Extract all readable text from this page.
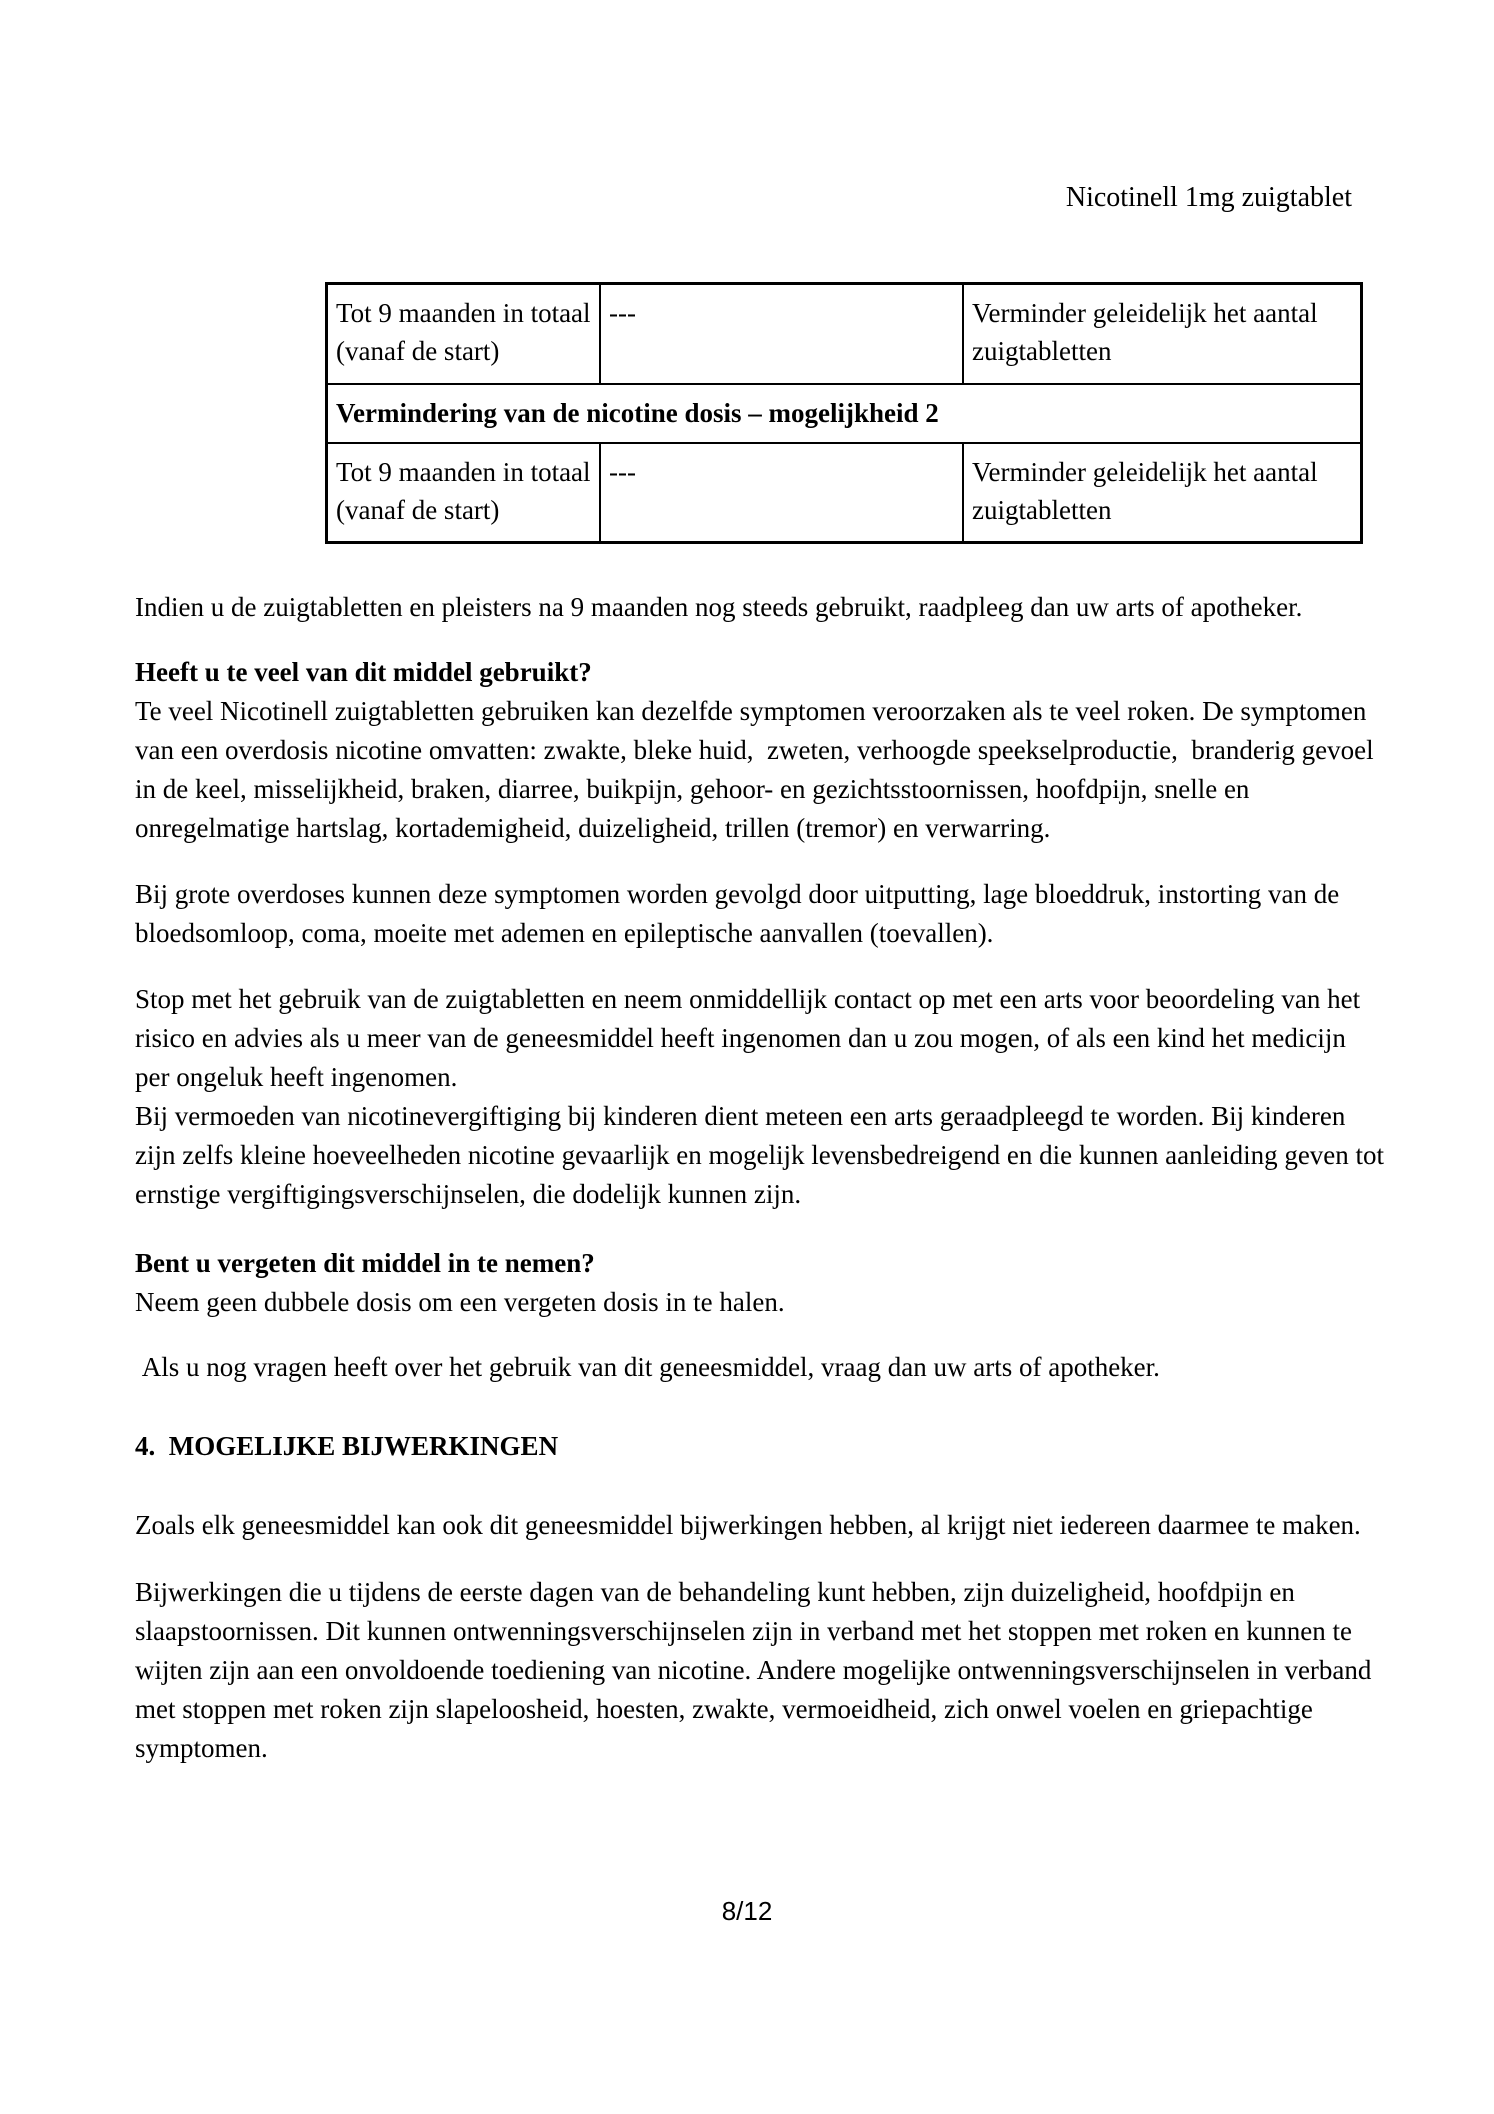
Nicotinell 1mg zuigtablet
Tot 9 maanden in totaal (vanaf de start)	---	Verminder geleidelijk het aantal zuigtabletten
Vermindering van de nicotine dosis – mogelijkheid 2		
Tot 9 maanden in totaal (vanaf de start)	---	Verminder geleidelijk het aantal zuigtabletten

Indien u de zuigtabletten en pleisters na 9 maanden nog steeds gebruikt, raadpleeg dan uw arts of apotheker.

Heeft u te veel van dit middel gebruikt?

Te veel Nicotinell zuigtabletten gebruiken kan dezelfde symptomen veroorzaken als te veel roken. De symptomen van een overdosis nicotine omvatten: zwakte, bleke huid,  zweten, verhoogde speekselproductie,  branderig gevoel in de keel, misselijkheid, braken, diarree, buikpijn, gehoor- en gezichtsstoornissen, hoofdpijn, snelle en onregelmatige hartslag, kortademigheid, duizeligheid, trillen (tremor) en verwarring.

Bij grote overdoses kunnen deze symptomen worden gevolgd door uitputting, lage bloeddruk, instorting van de bloedsomloop, coma, moeite met ademen en epileptische aanvallen (toevallen).

Stop met het gebruik van de zuigtabletten en neem onmiddellijk contact op met een arts voor beoordeling van het risico en advies als u meer van de geneesmiddel heeft ingenomen dan u zou mogen, of als een kind het medicijn per ongeluk heeft ingenomen.

Bij vermoeden van nicotinevergiftiging bij kinderen dient meteen een arts geraadpleegd te worden. Bij kinderen zijn zelfs kleine hoeveelheden nicotine gevaarlijk en mogelijk levensbedreigend en die kunnen aanleiding geven tot ernstige vergiftigingsverschijnselen, die dodelijk kunnen zijn.

Bent u vergeten dit middel in te nemen?

Neem geen dubbele dosis om een vergeten dosis in te halen.

Als u nog vragen heeft over het gebruik van dit geneesmiddel, vraag dan uw arts of apotheker.

4.  MOGELIJKE BIJWERKINGEN

Zoals elk geneesmiddel kan ook dit geneesmiddel bijwerkingen hebben, al krijgt niet iedereen daarmee te maken.

Bijwerkingen die u tijdens de eerste dagen van de behandeling kunt hebben, zijn duizeligheid, hoofdpijn en slaapstoornissen. Dit kunnen ontwenningsverschijnselen zijn in verband met het stoppen met roken en kunnen te wijten zijn aan een onvoldoende toediening van nicotine. Andere mogelijke ontwenningsverschijnselen in verband met stoppen met roken zijn slapeloosheid, hoesten, zwakte, vermoeidheid, zich onwel voelen en griepachtige symptomen.

8/12
